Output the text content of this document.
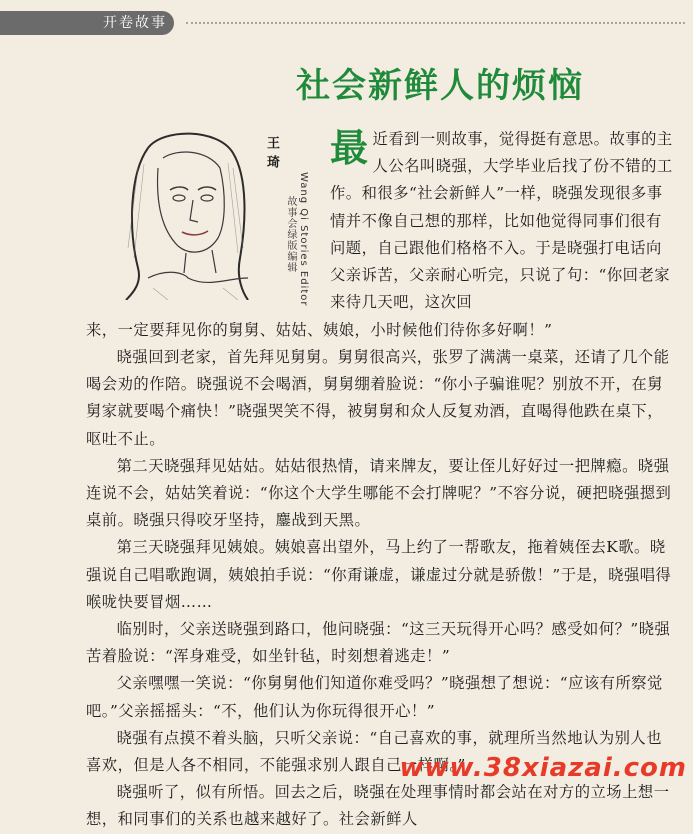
开卷故事
社会新鲜人的烦恼
王琦
Wang Qi Stories Editor
故事会绿版编辑
最 近看到一则故事，觉得挺有意思。故事的主人公名叫晓强，大学毕业后找了份不错的工作。和很多“社会新鲜人”一样，晓强发现很多事情并不像自己想的那样，比如他觉得同事们很有问题，自己跟他们格格不入。于是晓强打电话向父亲诉苦，父亲耐心听完，只说了句：“你回老家来待几天吧，这次回
来，一定要拜见你的舅舅、姑姑、姨娘，小时候他们待你多好啊！”

晓强回到老家，首先拜见舅舅。舅舅很高兴，张罗了满满一桌菜，还请了几个能喝会劝的作陪。晓强说不会喝酒，舅舅绷着脸说：“你小子骗谁呢？别放不开，在舅舅家就要喝个痛快！”晓强哭笑不得，被舅舅和众人反复劝酒，直喝得他跌在桌下，呕吐不止。

第二天晓强拜见姑姑。姑姑很热情，请来牌友，要让侄儿好好过一把牌瘾。晓强连说不会，姑姑笑着说：“你这个大学生哪能不会打牌呢？”不容分说，硬把晓强摁到桌前。晓强只得咬牙坚持，鏖战到天黑。

第三天晓强拜见姨娘。姨娘喜出望外，马上约了一帮歌友，拖着姨侄去K歌。晓强说自己唱歌跑调，姨娘拍手说：“你甭谦虚，谦虚过分就是骄傲！”于是，晓强唱得喉咙快要冒烟……

临别时，父亲送晓强到路口，他问晓强：“这三天玩得开心吗？感受如何？”晓强苦着脸说：“浑身难受，如坐针毡，时刻想着逃走！”

父亲嘿嘿一笑说：“你舅舅他们知道你难受吗？”晓强想了想说：“应该有所察觉吧。”父亲摇摇头：“不，他们认为你玩得很开心！”

晓强有点摸不着头脑，只听父亲说：“自己喜欢的事，就理所当然地认为别人也喜欢，但是人各不相同，不能强求别人跟自己一样啊。”

晓强听了，似有所悟。回去之后，晓强在处理事情时都会站在对方的立场上想一想，和同事们的关系也越来越好了。社会新鲜人

www.38xiazai.com
